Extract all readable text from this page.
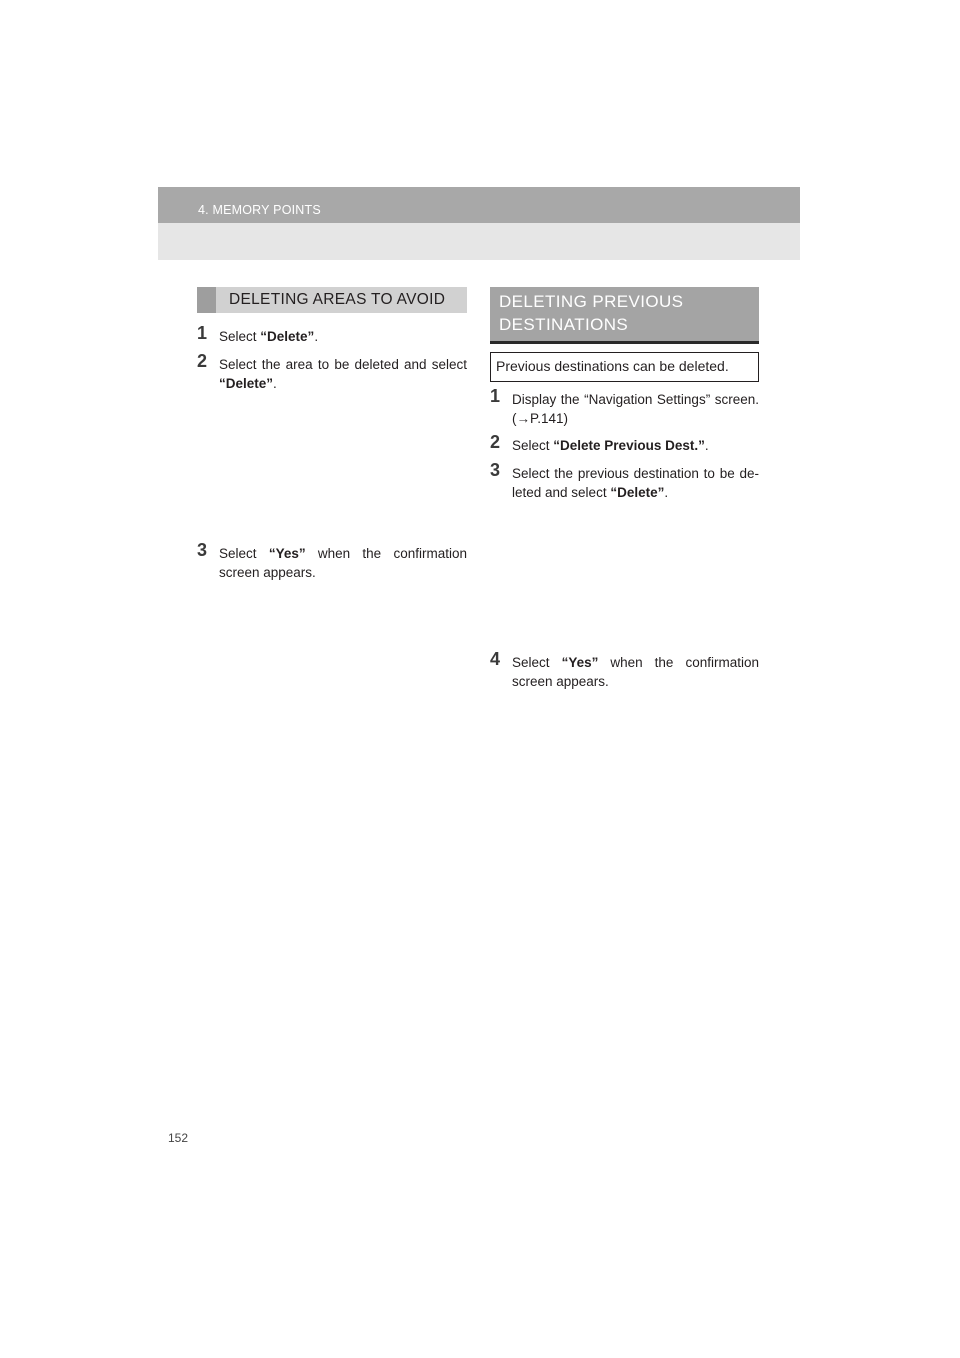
4. MEMORY POINTS
DELETING AREAS TO AVOID
1 Select “Delete”.
2 Select the area to be deleted and select “Delete”.
3 Select “Yes” when the confirmation screen appears.
DELETING PREVIOUS
DESTINATIONS
Previous destinations can be deleted.
1 Display the “Navigation Settings” screen. (→P.141)
2 Select “Delete Previous Dest.”.
3 Select the previous destination to be de-leted and select “Delete”.
4 Select “Yes” when the confirmation screen appears.
152
